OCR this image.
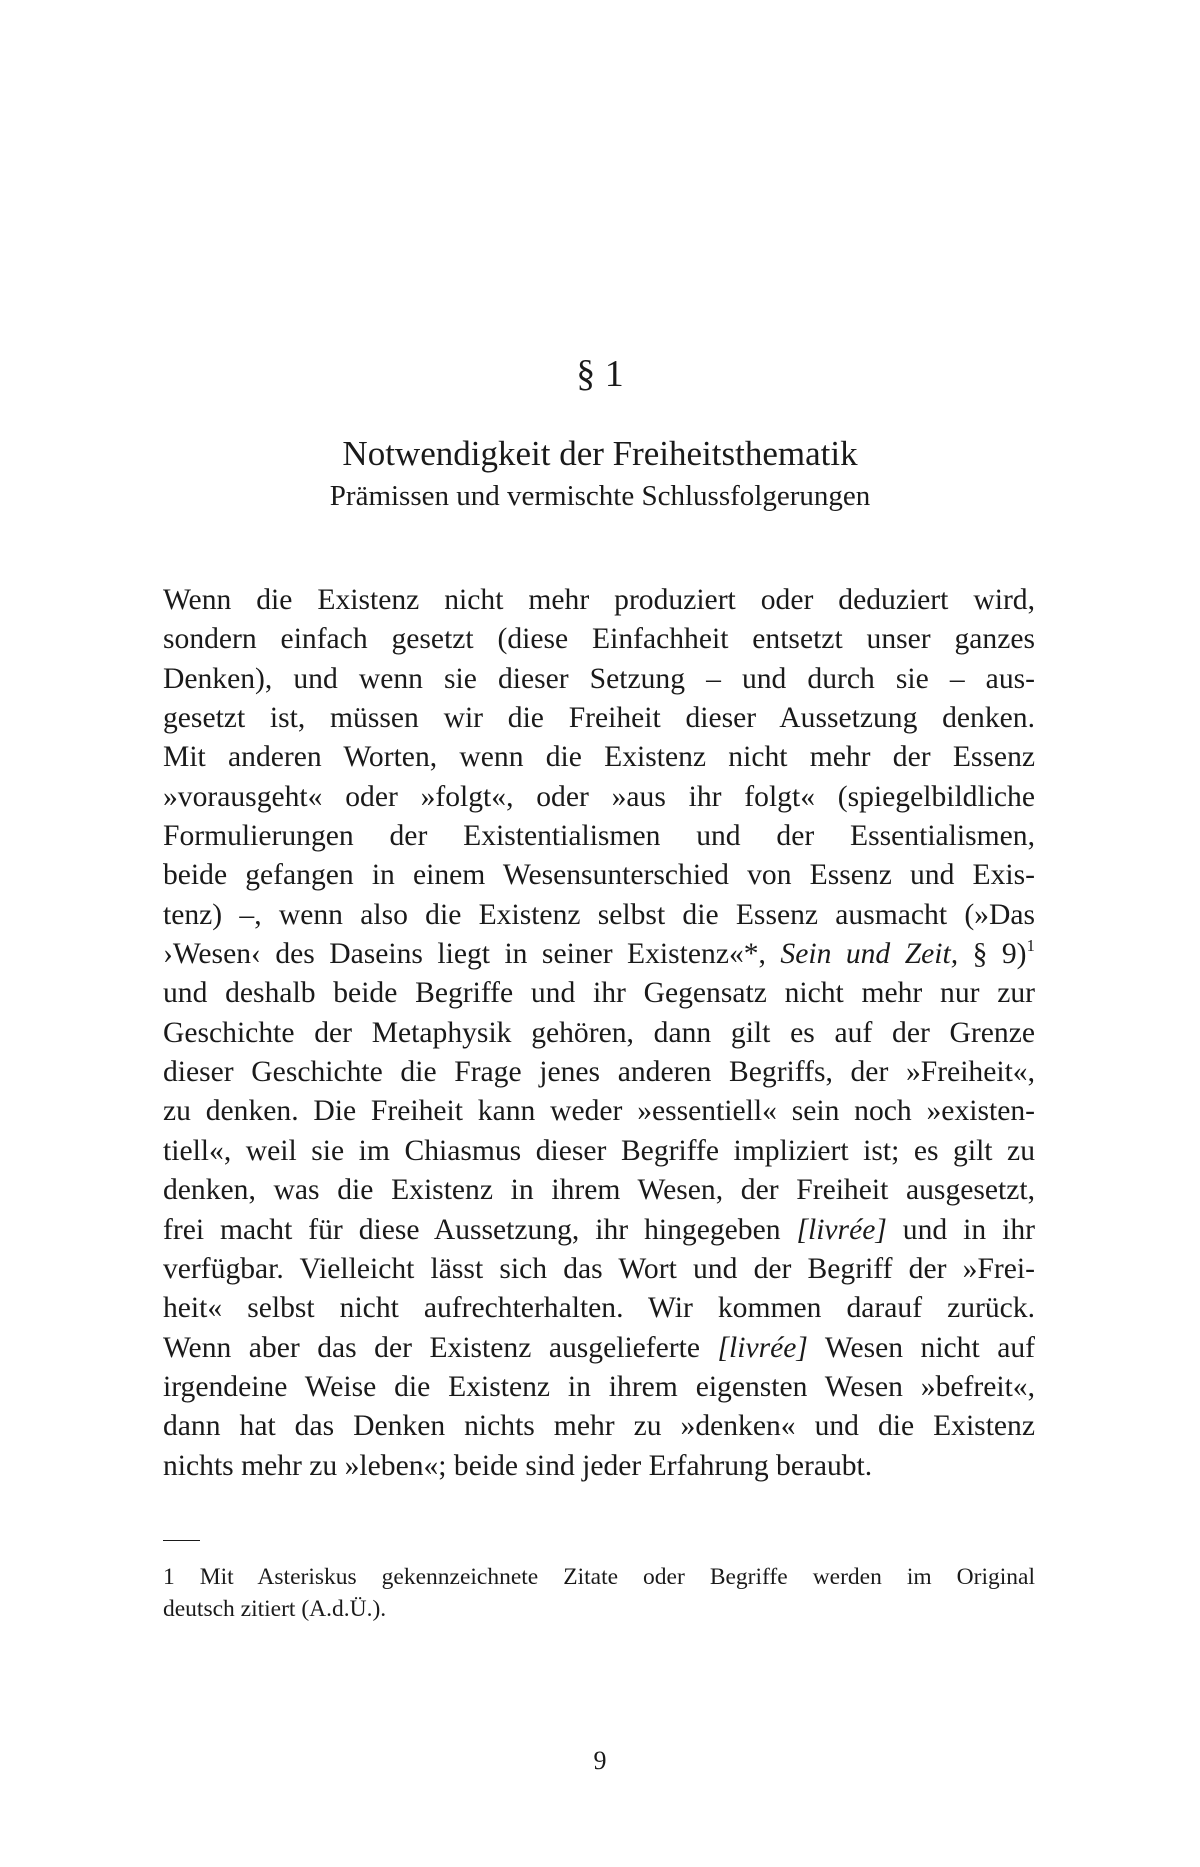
§ 1
Notwendigkeit der Freiheitsthematik
Prämissen und vermischte Schlussfolgerungen
Wenn die Existenz nicht mehr produziert oder deduziert wird,
sondern einfach gesetzt (diese Einfachheit entsetzt unser ganzes
Denken), und wenn sie dieser Setzung – und durch sie – aus-
gesetzt ist, müssen wir die Freiheit dieser Aussetzung denken.
Mit anderen Worten, wenn die Existenz nicht mehr der Essenz
»vorausgeht« oder »folgt«, oder »aus ihr folgt« (spiegelbildliche
Formulierungen der Existentialismen und der Essentialismen,
beide gefangen in einem Wesensunterschied von Essenz und Exis-
tenz) –, wenn also die Existenz selbst die Essenz ausmacht (»Das
›Wesen‹ des Daseins liegt in seiner Existenz«*, Sein und Zeit, § 9)$^1$
und deshalb beide Begriffe und ihr Gegensatz nicht mehr nur zur
Geschichte der Metaphysik gehören, dann gilt es auf der Grenze
dieser Geschichte die Frage jenes anderen Begriffs, der »Freiheit«,
zu denken. Die Freiheit kann weder »essentiell« sein noch »existen-
tiell«, weil sie im Chiasmus dieser Begriffe impliziert ist; es gilt zu
denken, was die Existenz in ihrem Wesen, der Freiheit ausgesetzt,
frei macht für diese Aussetzung, ihr hingegeben [livrée] und in ihr
verfügbar. Vielleicht lässt sich das Wort und der Begriff der »Frei-
heit« selbst nicht aufrechterhalten. Wir kommen darauf zurück.
Wenn aber das der Existenz ausgelieferte [livrée] Wesen nicht auf
irgendeine Weise die Existenz in ihrem eigensten Wesen »befreit«,
dann hat das Denken nichts mehr zu »denken« und die Existenz
nichts mehr zu »leben«; beide sind jeder Erfahrung beraubt.
1 Mit Asteriskus gekennzeichnete Zitate oder Begriffe werden im Original
deutsch zitiert (A.d.Ü.).
9
